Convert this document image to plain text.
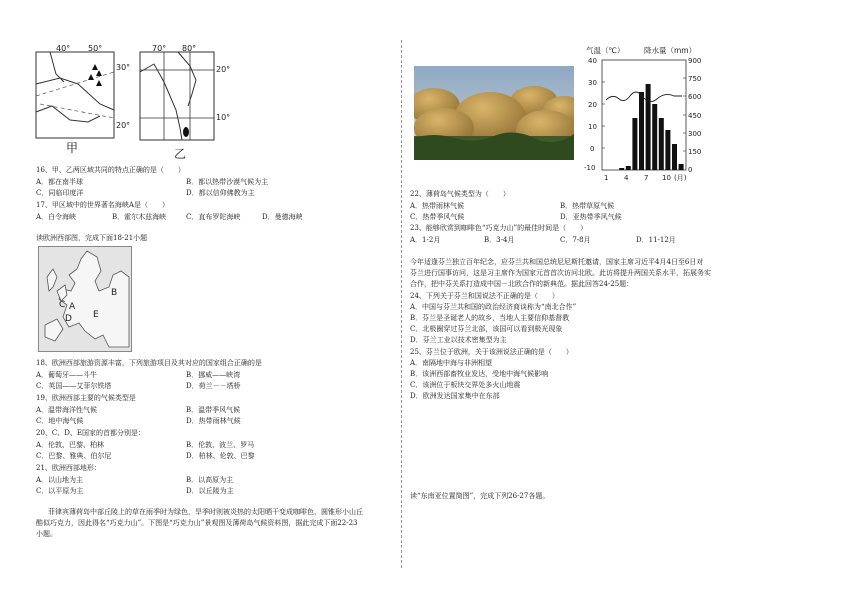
40° 50°
30°
20°
甲
70° 80°
20°
10°
乙
16、甲、乙两区域共同的特点正确的是（　　）
A．都在南半球	B．都以热带沙漠气候为主
C．同临印度洋	D．都以信仰佛教为主
17、甲区域中的世界著名海峡A是（　　）
A．白令海峡	B．霍尔木兹海峡	C．直布罗陀海峡	D．曼德海峡
读欧洲西部图，完成下面18-21小题
B
C A
D E
18、欧洲西部旅游资源丰富，下列旅游项目及其对应的国家组合正确的是
A．葡萄牙——斗牛	B．挪威——峡湾
C．英国——艾菲尔铁塔	D．荷兰－－塔桥
19、欧洲西部主要的气候类型是
A．温带海洋性气候	B．温带季风气候
C．地中海气候	D．热带雨林气候
20、C、D、E国家的首都分别是：
A．伦敦、巴黎、柏林	B．伦敦、波兰、罗马
C．巴黎、雅典、伯尔尼	D．柏林、伦敦、巴黎
21、欧洲西部地形：
A．以山地为主	B．以高原为主
C．以平原为主	D．以丘陵为主
菲律宾薄荷岛中部丘陵上的草在雨季时为绿色，旱季时则被炎热的太阳晒干变成咖啡色，圆锥形小山丘
酷似巧克力，因此得名“巧克力山”。下图是“巧克力山”景观图及薄荷岛气候资料图，据此完成下面22-23
小题。
气温（℃）	降水量（mm）
40
30
20
10
0
-10
900
750
600
450
300
150
0
1 4 7 10 (月)
22、薄荷岛气候类型为（　　）
A．热带雨林气候	B．热带草原气候
C．热带季风气候	D．亚热带季风气候
23、能够欣赏到咖啡色“巧克力山”的最佳时间是（　　）
A．1-2月	B．3-4月	C．7-8月	D．11-12月
今年适逢芬兰独立百年纪念，应芬兰共和国总统尼尼斯托邀请，国家主席习近平4月4日至6日对
芬兰进行国事访问，这是习主席作为国家元首首次访问北欧。此访将提升两国关系水平，拓展务实
合作，把中芬关系打造成中国－北欧合作的新典范。据此回答24-25题：
24、下列关于芬兰和国说法不正确的是（　　）
A．中国与芬兰共和国的政治经济商谈称为“南北合作”
B．芬兰是圣诞老人的故乡，当地人主要信仰基督教
C．北极圈穿过芬兰北部，该国可以看到极光现象
D．芬兰工业以技术密集型为主
25、芬兰位于欧洲，关于该洲说法正确的是（　　）
A．南隔地中海与非洲相望
B．该洲西部畜牧业发达，受地中海气候影响
C．该洲位于板块交界处多火山地震
D．欧洲发达国家集中在东部
读“东南亚位置简图”，完成下列26-27各题。
